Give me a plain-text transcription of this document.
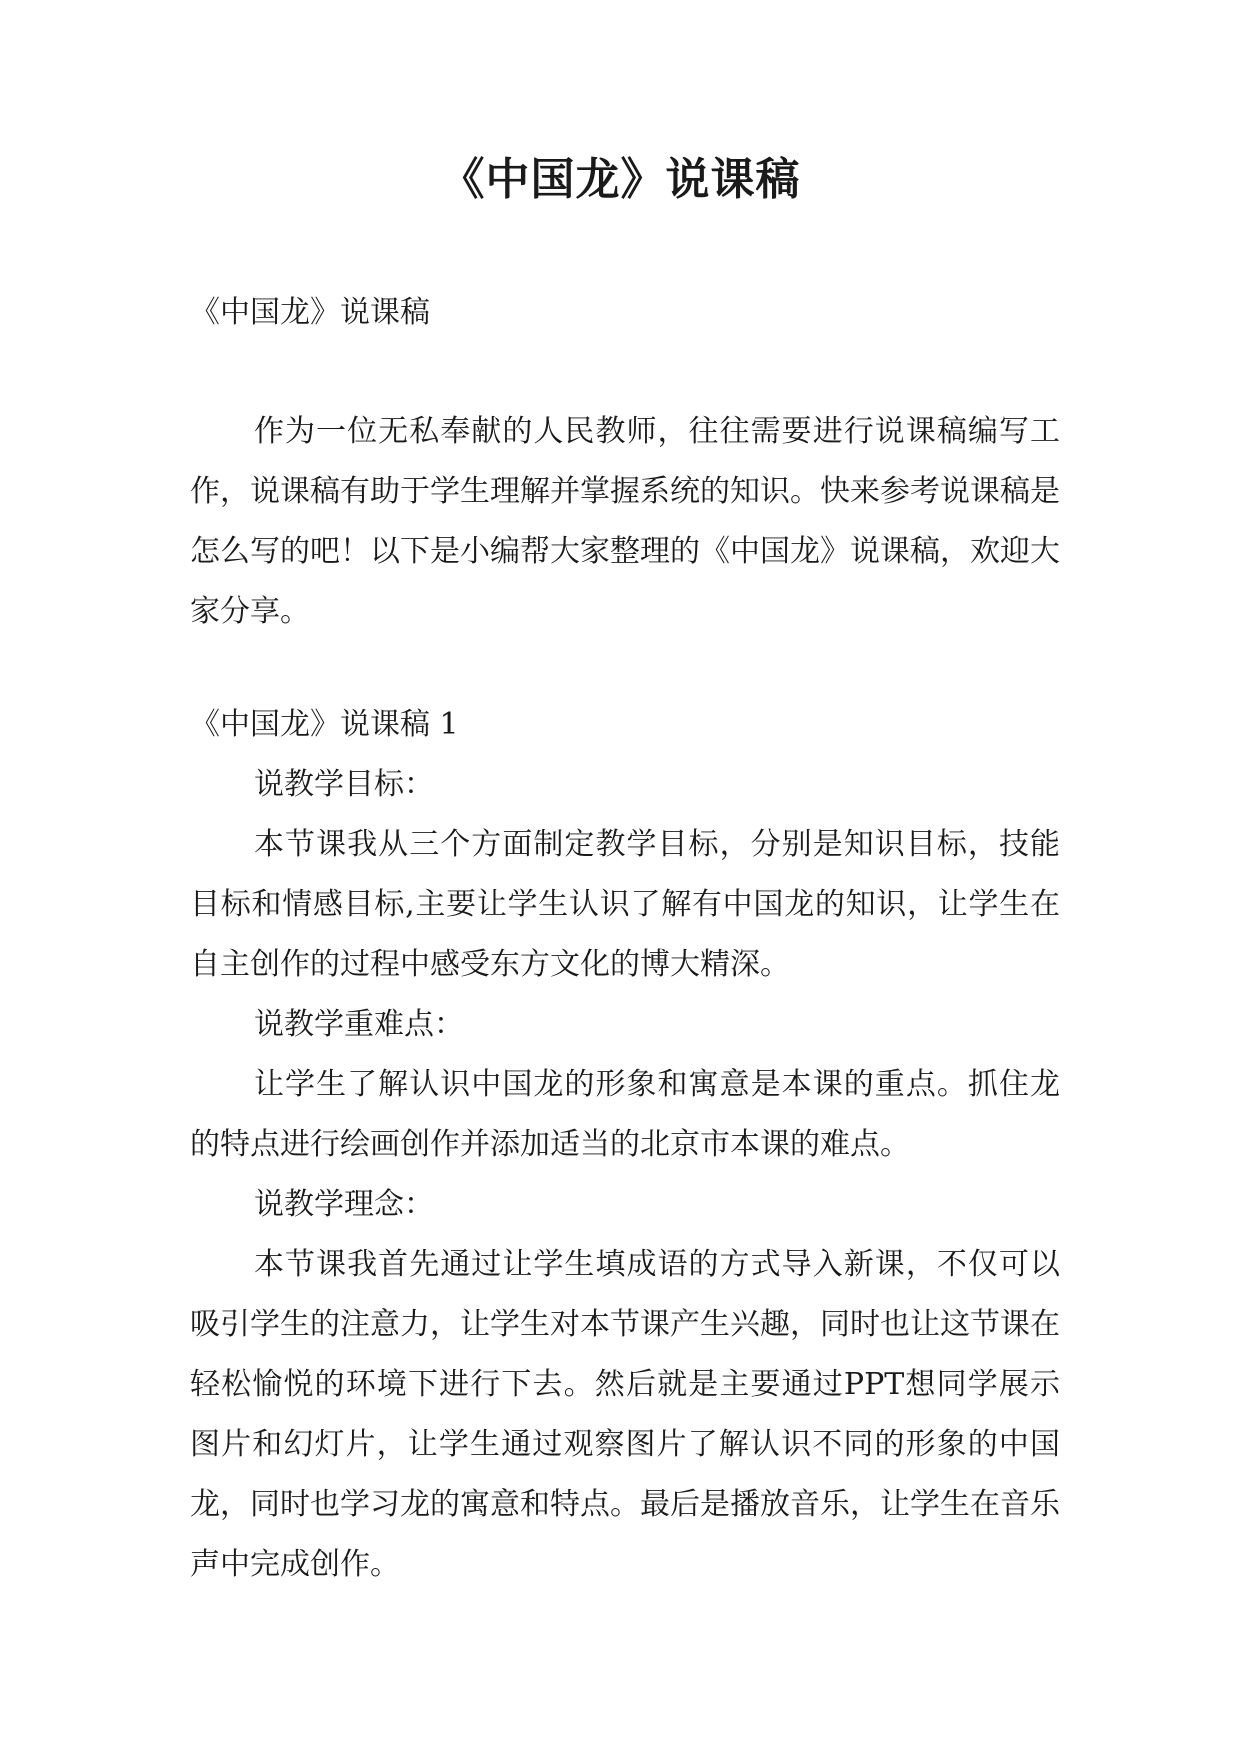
《中国龙》说课稿

《中国龙》说课稿

作为一位无私奉献的人民教师，往往需要进行说课稿编写工作，说课稿有助于学生理解并掌握系统的知识。快来参考说课稿是怎么写的吧！以下是小编帮大家整理的《中国龙》说课稿，欢迎大家分享。

《中国龙》说课稿 1

说教学目标：

本节课我从三个方面制定教学目标，分别是知识目标，技能目标和情感目标,主要让学生认识了解有中国龙的知识，让学生在自主创作的过程中感受东方文化的博大精深。

说教学重难点：

让学生了解认识中国龙的形象和寓意是本课的重点。抓住龙的特点进行绘画创作并添加适当的北京市本课的难点。

说教学理念：

本节课我首先通过让学生填成语的方式导入新课，不仅可以吸引学生的注意力，让学生对本节课产生兴趣，同时也让这节课在轻松愉悦的环境下进行下去。然后就是主要通过PPT想同学展示图片和幻灯片，让学生通过观察图片了解认识不同的形象的中国龙，同时也学习龙的寓意和特点。最后是播放音乐，让学生在音乐声中完成创作。
